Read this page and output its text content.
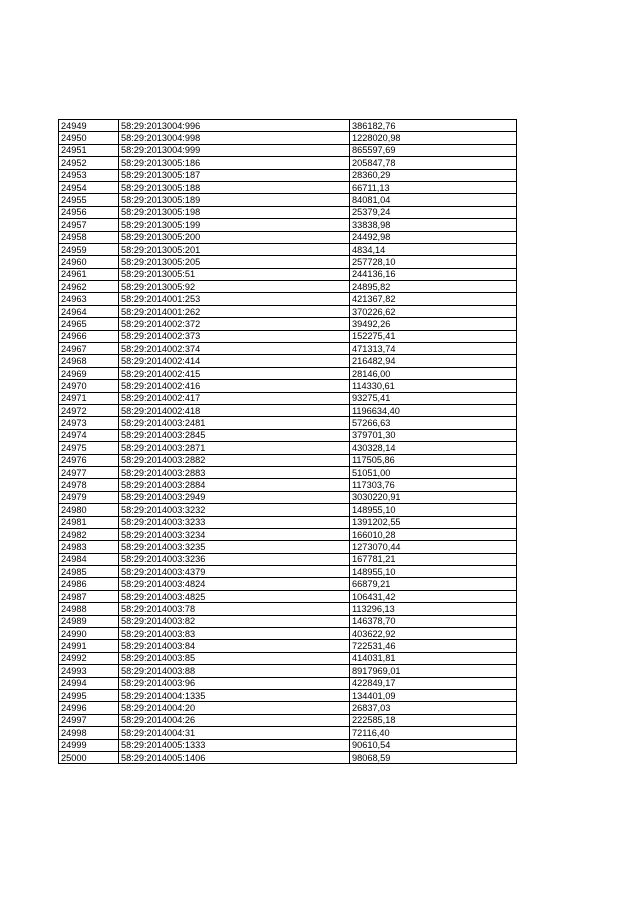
24949	58:29:2013004:996	386182,76
24950	58:29:2013004:998	1228020,98
24951	58:29:2013004:999	865597,69
24952	58:29:2013005:186	205847,78
24953	58:29:2013005:187	28360,29
24954	58:29:2013005:188	66711,13
24955	58:29:2013005:189	84081,04
24956	58:29:2013005:198	25379,24
24957	58:29:2013005:199	33838,98
24958	58:29:2013005:200	24492,98
24959	58:29:2013005:201	4834,14
24960	58:29:2013005:205	257728,10
24961	58:29:2013005:51	244136,16
24962	58:29:2013005:92	24895,82
24963	58:29:2014001:253	421367,82
24964	58:29:2014001:262	370226,62
24965	58:29:2014002:372	39492,26
24966	58:29:2014002:373	152275,41
24967	58:29:2014002:374	471313,74
24968	58:29:2014002:414	216482,94
24969	58:29:2014002:415	28146,00
24970	58:29:2014002:416	114330,61
24971	58:29:2014002:417	93275,41
24972	58:29:2014002:418	1196634,40
24973	58:29:2014003:2481	57266,63
24974	58:29:2014003:2845	379701,30
24975	58:29:2014003:2871	430328,14
24976	58:29:2014003:2882	117505,86
24977	58:29:2014003:2883	51051,00
24978	58:29:2014003:2884	117303,76
24979	58:29:2014003:2949	3030220,91
24980	58:29:2014003:3232	148955,10
24981	58:29:2014003:3233	1391202,55
24982	58:29:2014003:3234	166010,28
24983	58:29:2014003:3235	1273070,44
24984	58:29:2014003:3236	167781,21
24985	58:29:2014003:4379	148955,10
24986	58:29:2014003:4824	66879,21
24987	58:29:2014003:4825	106431,42
24988	58:29:2014003:78	113296,13
24989	58:29:2014003:82	146378,70
24990	58:29:2014003:83	403622,92
24991	58:29:2014003:84	722531,46
24992	58:29:2014003:85	414031,81
24993	58:29:2014003:88	8917969,01
24994	58:29:2014003:96	422849,17
24995	58:29:2014004:1335	134401,09
24996	58:29:2014004:20	26837,03
24997	58:29:2014004:26	222585,18
24998	58:29:2014004:31	72116,40
24999	58:29:2014005:1333	90610,54
25000	58:29:2014005:1406	98068,59
